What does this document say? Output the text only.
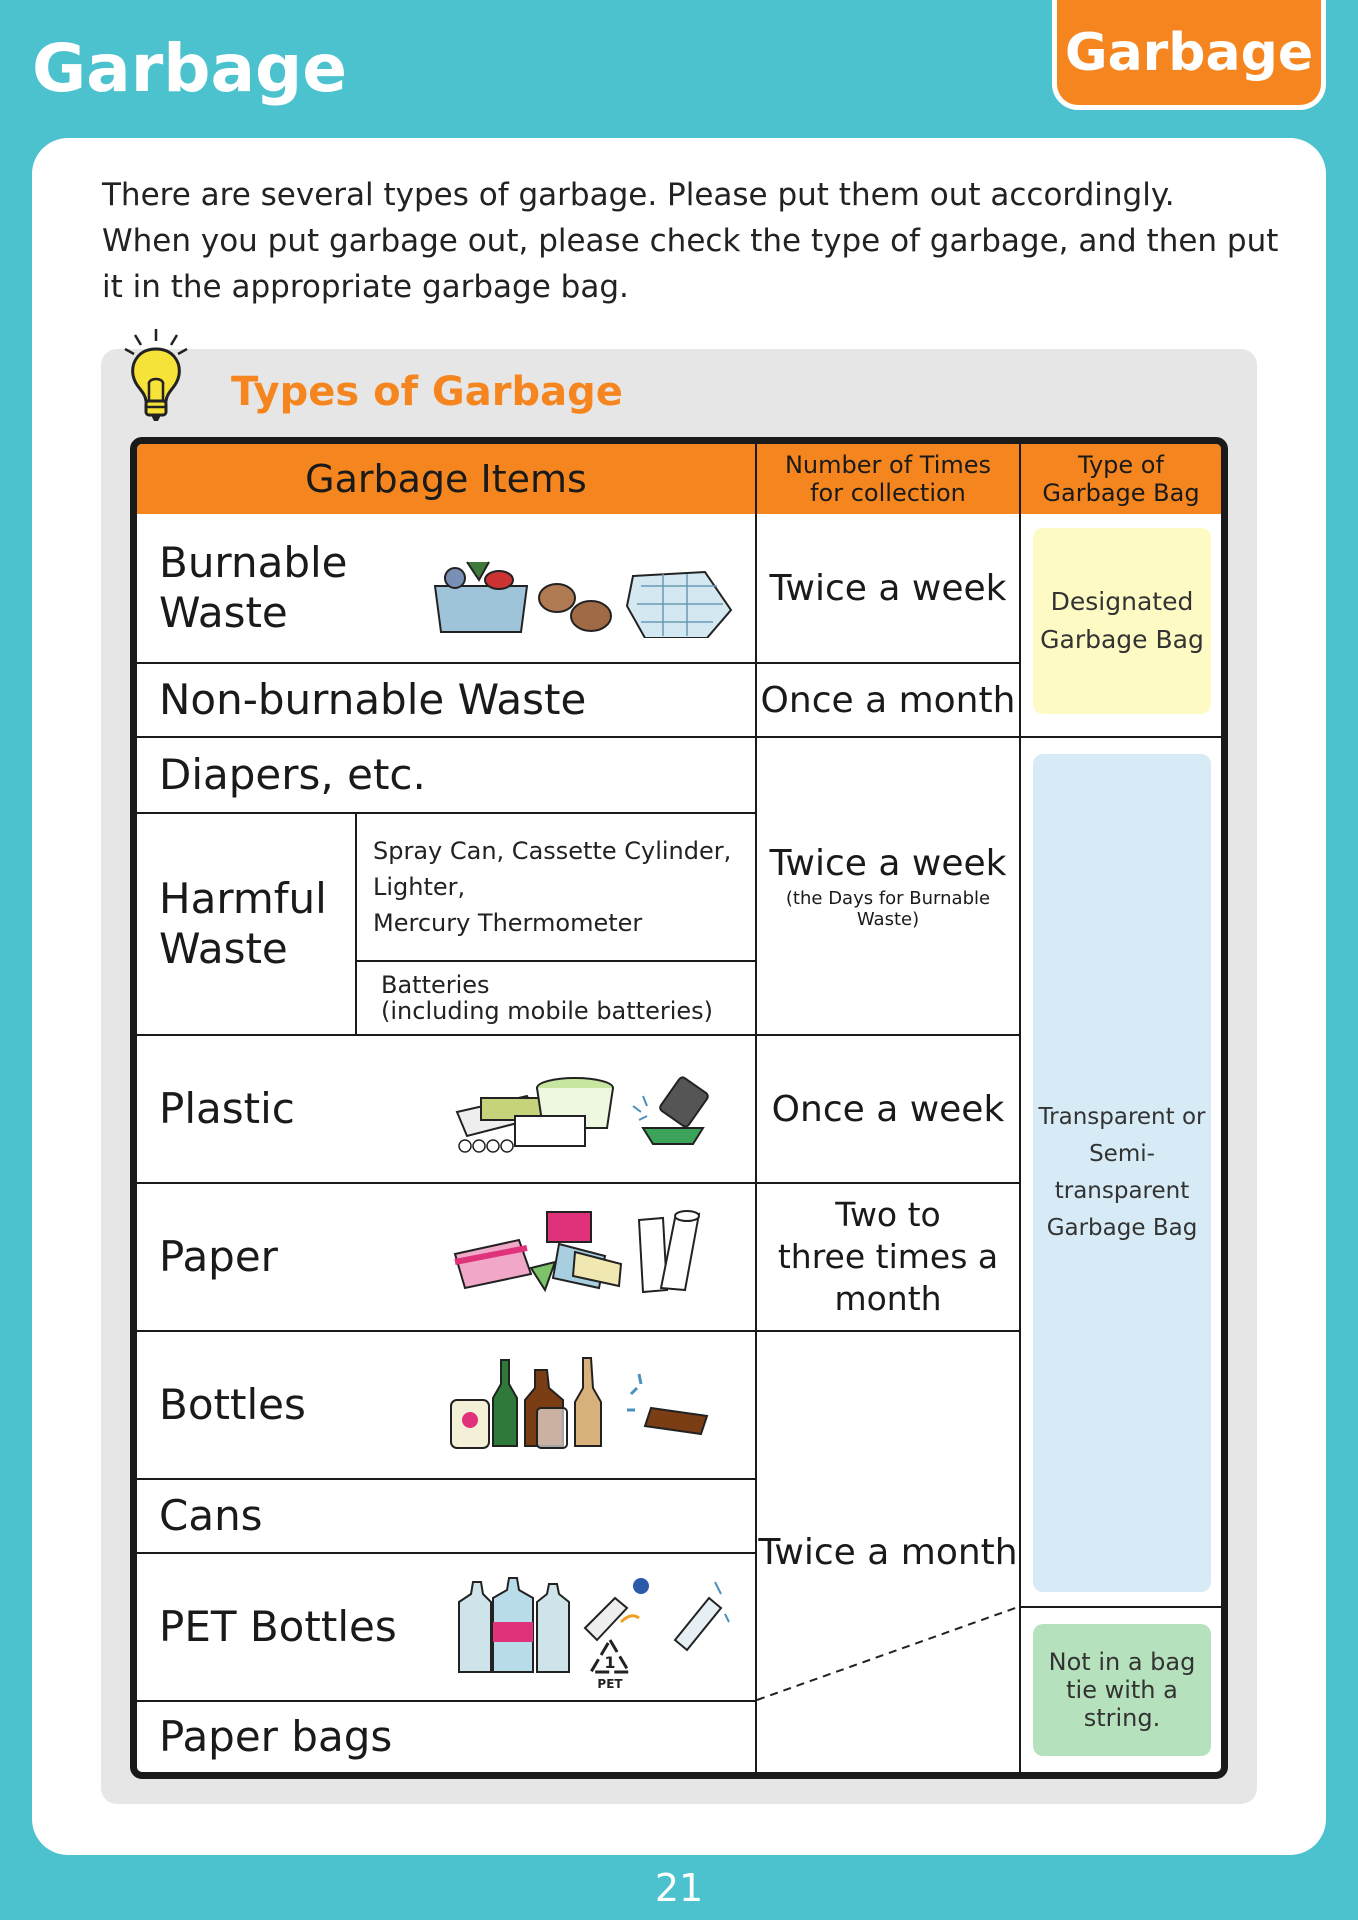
Garbage	Garbage
There are several types of garbage. Please put them out accordingly.
When you put garbage out, please check the type of garbage, and then put it in the appropriate garbage bag.
Types of Garbage
Garbage Items	Number of Times
for collection
Type of
Garbage Bag
Burnable
Waste
Non-burnable Waste
Diapers, etc.
Harmful
Waste
Spray Can, Cassette Cylinder,
Lighter,
Mercury Thermometer
Batteries
(including mobile batteries)
Plastic
Paper
Bottles
Cans
PET Bottles
Paper bags
1
PET
Twice a week
Once a month
Twice a week
(the Days for Burnable Waste)
Once a week
Two to
three times a month
Twice a month
Designated
Garbage Bag
Transparent or
Semi-transparent
Garbage Bag
Not in a bag
tie with a
string.
21
